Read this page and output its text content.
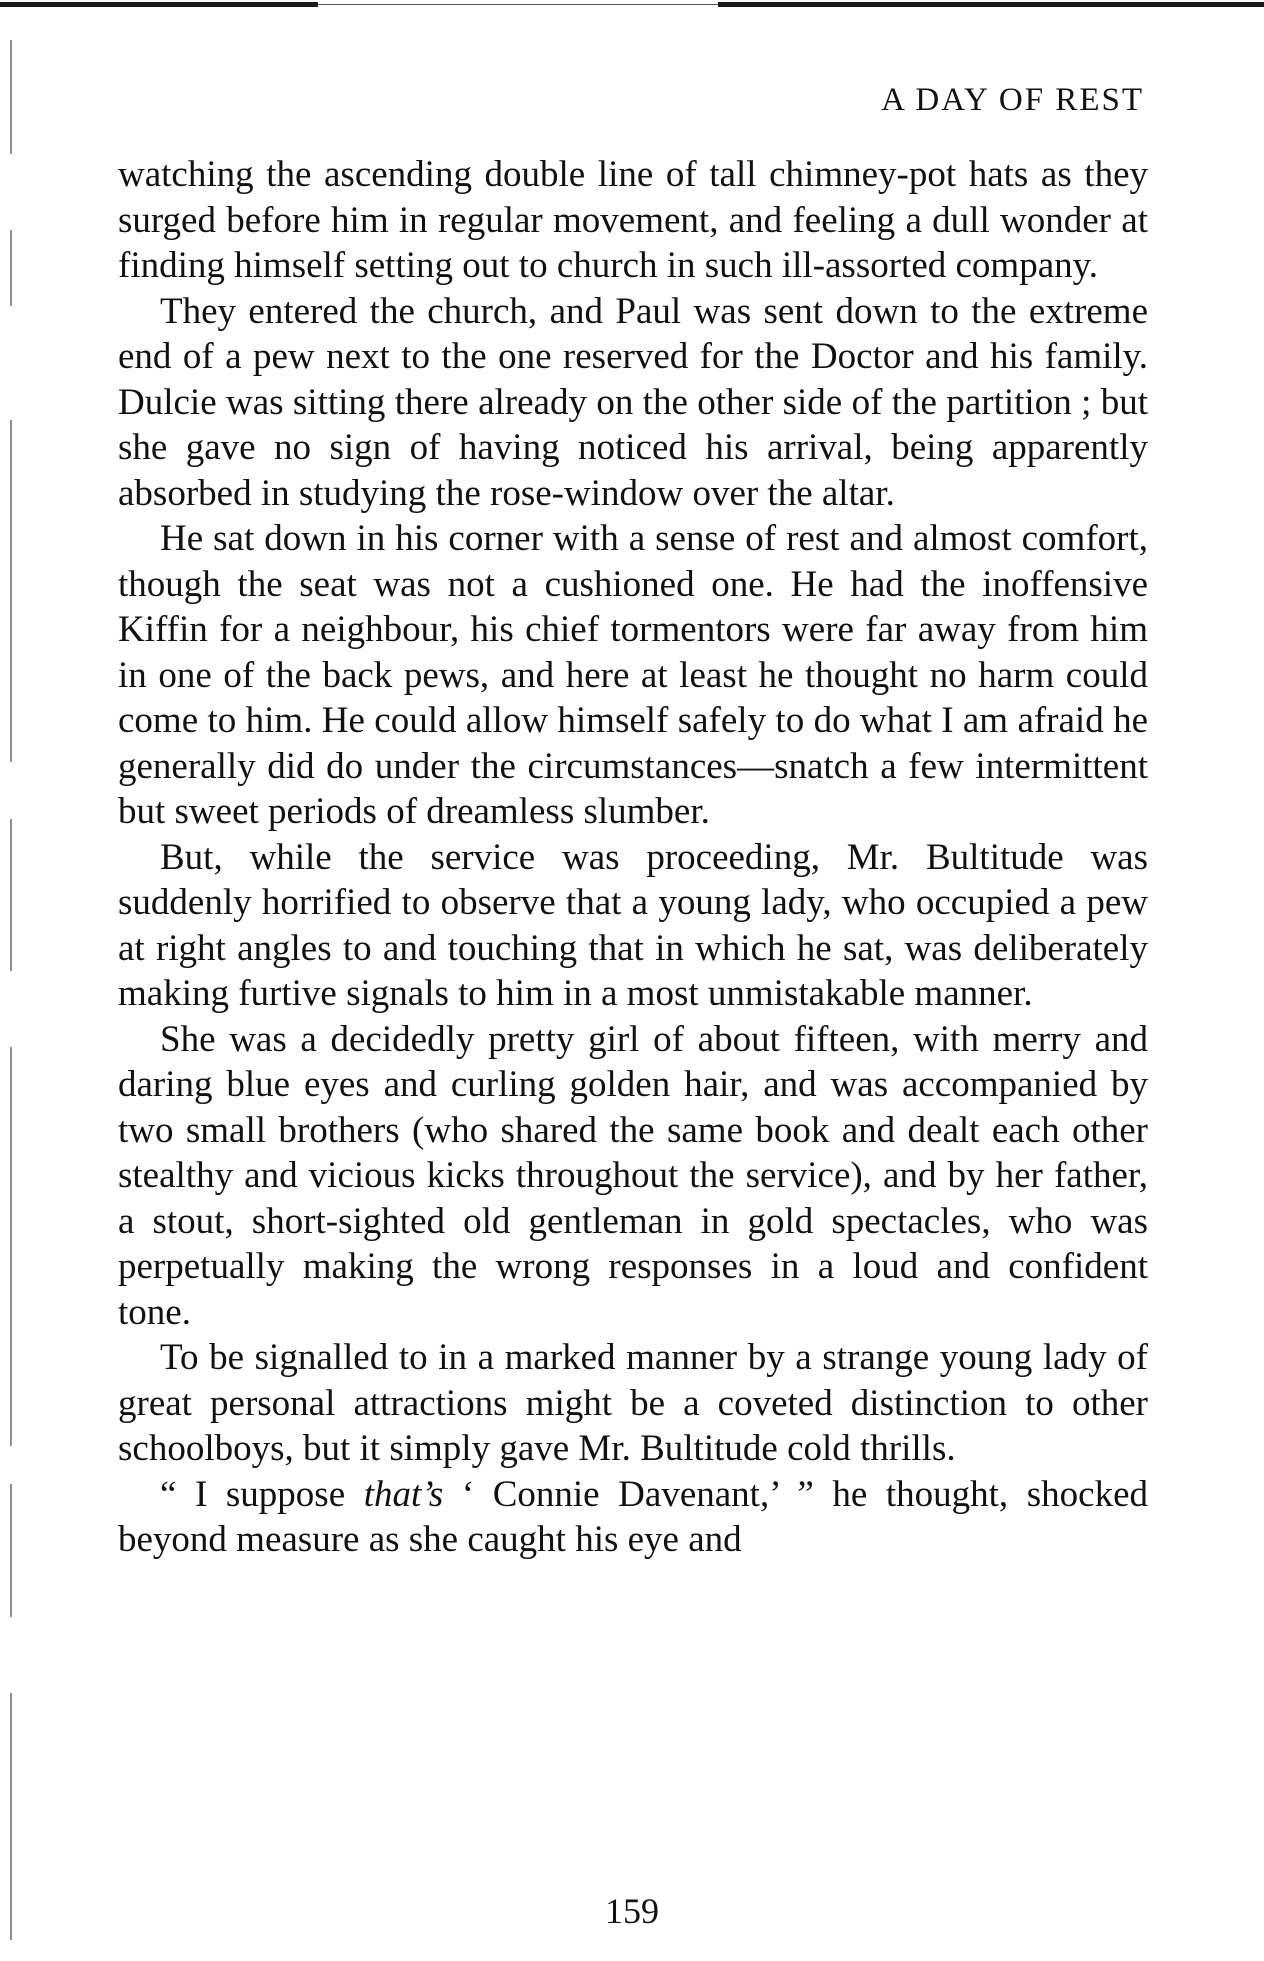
A DAY OF REST

watching the ascending double line of tall chimney-pot hats as they surged before him in regular movement, and feeling a dull wonder at finding himself setting out to church in such ill-assorted company.

They entered the church, and Paul was sent down to the extreme end of a pew next to the one reserved for the Doctor and his family. Dulcie was sitting there already on the other side of the partition ; but she gave no sign of having noticed his arrival, being apparently absorbed in studying the rose-window over the altar.

He sat down in his corner with a sense of rest and almost comfort, though the seat was not a cushioned one. He had the inoffensive Kiffin for a neighbour, his chief tormentors were far away from him in one of the back pews, and here at least he thought no harm could come to him. He could allow himself safely to do what I am afraid he generally did do under the circumstances—snatch a few intermittent but sweet periods of dreamless slumber.

But, while the service was proceeding, Mr. Bultitude was suddenly horrified to observe that a young lady, who occupied a pew at right angles to and touching that in which he sat, was deliberately making furtive signals to him in a most unmistakable manner.

She was a decidedly pretty girl of about fifteen, with merry and daring blue eyes and curling golden hair, and was accompanied by two small brothers (who shared the same book and dealt each other stealthy and vicious kicks throughout the service), and by her father, a stout, short-sighted old gentleman in gold spectacles, who was perpetually making the wrong responses in a loud and confident tone.

To be signalled to in a marked manner by a strange young lady of great personal attractions might be a coveted distinction to other schoolboys, but it simply gave Mr. Bultitude cold thrills.

“ I suppose that’s ‘ Connie Davenant,’ ” he thought, shocked beyond measure as she caught his eye and

159
